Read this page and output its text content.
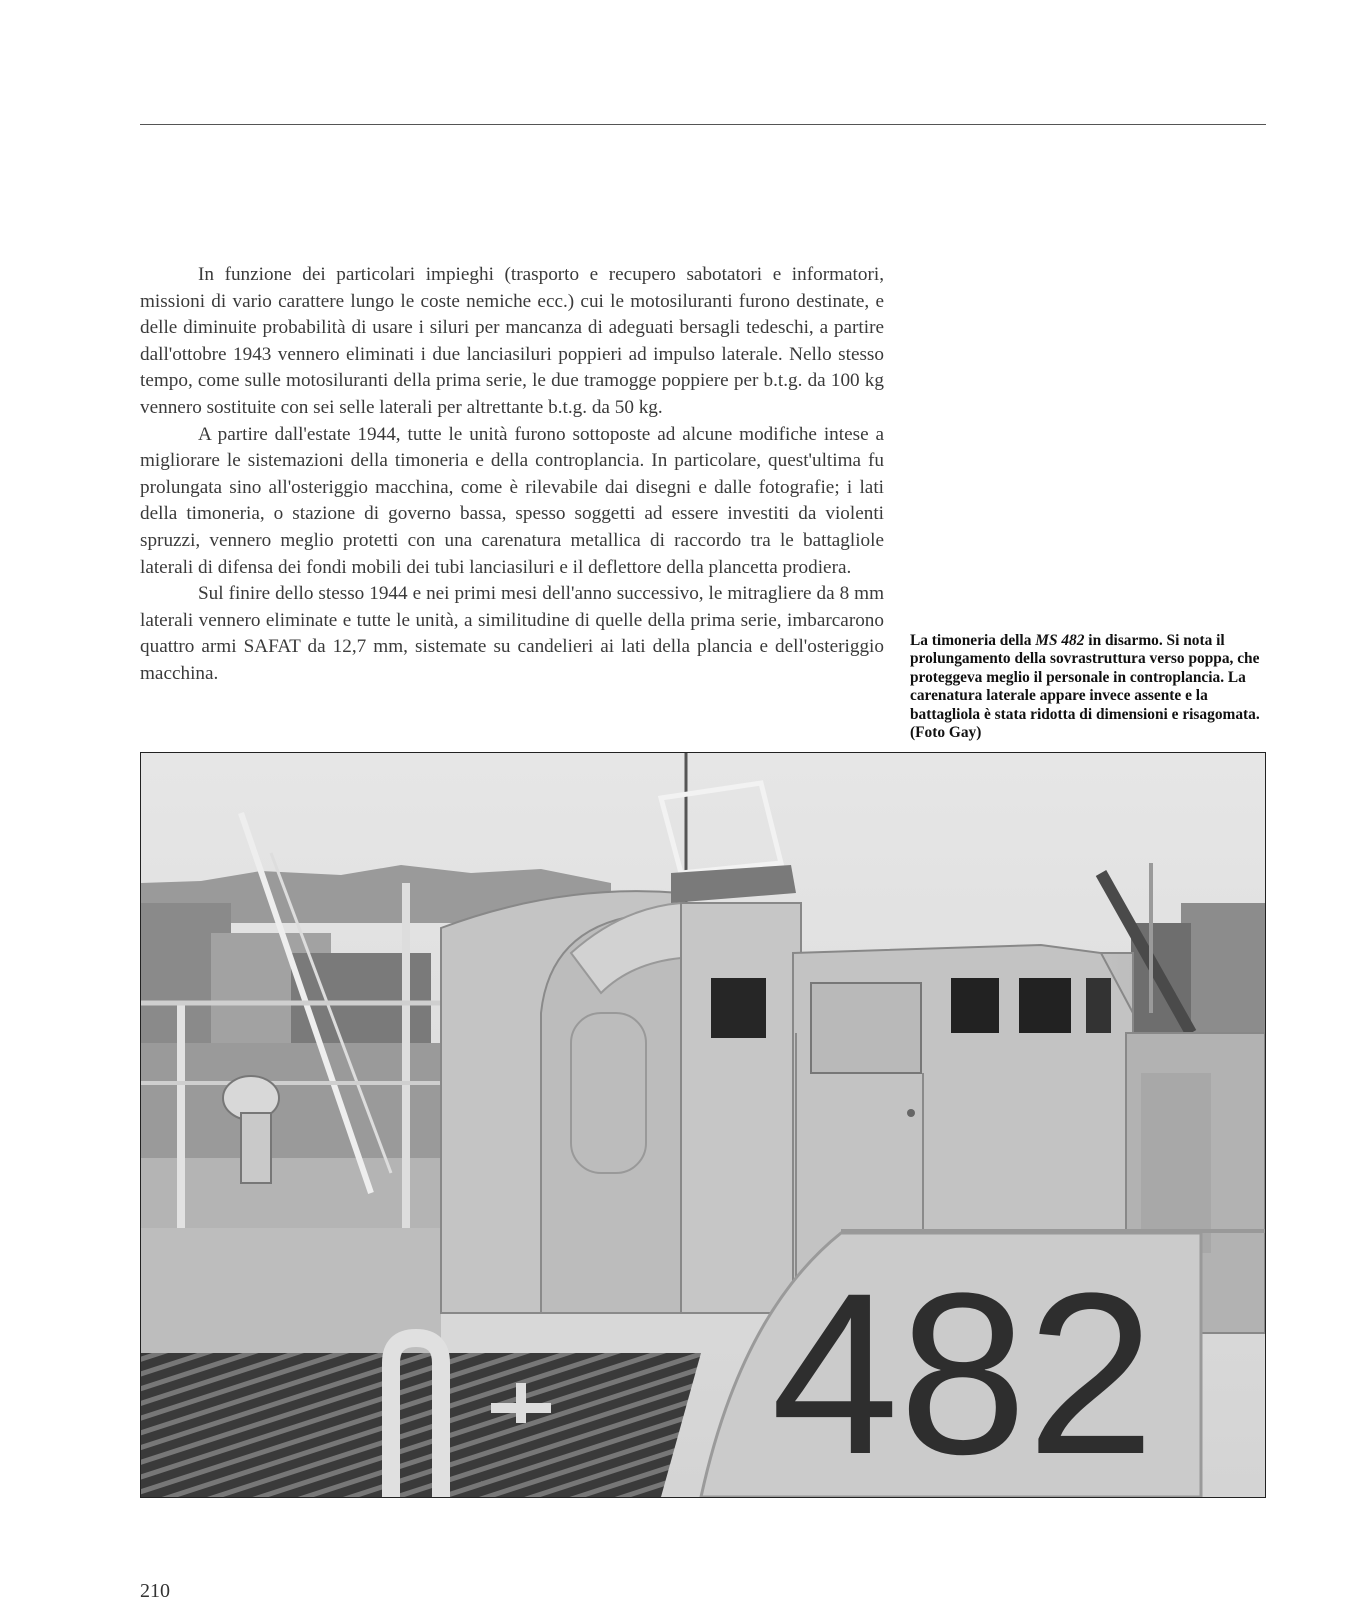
In funzione dei particolari impieghi (trasporto e recupero sabotatori e informatori, missioni di vario carattere lungo le coste nemiche ecc.) cui le motosiluranti furono destinate, e delle diminuite probabilità di usare i siluri per mancanza di adeguati bersagli tedeschi, a partire dall'ottobre 1943 vennero eliminati i due lanciasiluri poppieri ad impulso laterale. Nello stesso tempo, come sulle motosiluranti della prima serie, le due tramogge poppiere per b.t.g. da 100 kg vennero sostituite con sei selle laterali per altrettante b.t.g. da 50 kg.

A partire dall'estate 1944, tutte le unità furono sottoposte ad alcune modifiche intese a migliorare le sistemazioni della timoneria e della controplancia. In particolare, quest'ultima fu prolungata sino all'osteriggio macchina, come è rilevabile dai disegni e dalle fotografie; i lati della timoneria, o stazione di governo bassa, spesso soggetti ad essere investiti da violenti spruzzi, vennero meglio protetti con una carenatura metallica di raccordo tra le battagliole laterali di difensa dei fondi mobili dei tubi lanciasiluri e il deflettore della plancetta prodiera.

Sul finire dello stesso 1944 e nei primi mesi dell'anno successivo, le mitragliere da 8 mm laterali vennero eliminate e tutte le unità, a similitudine di quelle della prima serie, imbarcarono quattro armi SAFAT da 12,7 mm, sistemate su candelieri ai lati della plancia e dell'osteriggio macchina.

La timoneria della MS 482 in disarmo. Si nota il prolungamento della sovrastruttura verso poppa, che proteggeva meglio il personale in controplancia. La carenatura laterale appare invece assente e la battagliola è stata ridotta di dimensioni e risagomata. (Foto Gay)
482
210
